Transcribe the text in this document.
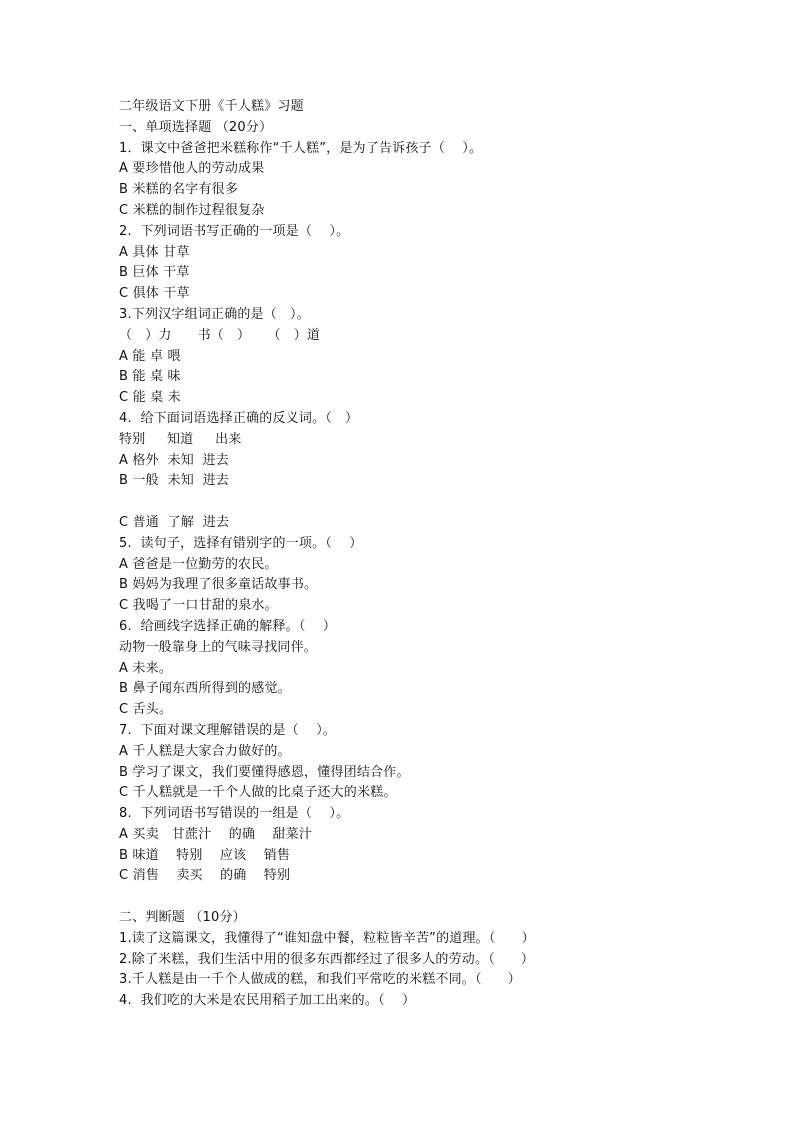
二年级语文下册《千人糕》习题
一、单项选择题 （20分）
1．课文中爸爸把米糕称作“千人糕”，是为了告诉孩子（    ）。
A 要珍惜他人的劳动成果
B 米糕的名字有很多
C 米糕的制作过程很复杂
2.  下列词语书写正确的一项是（    ）。
A 具体 甘草
B 巨体 干草
C 俱体 干草
3.下列汉字组词正确的是（   ）。
（   ）力      书（   ）    （   ）道
A 能 卓 喂
B 能 桌 味
C 能 桌 未
4.  给下面词语选择正确的反义词。（   ）
特别     知道     出来
A 格外  未知  进去
B 一般  未知  进去
C 普通  了解  进去
5.  读句子，选择有错别字的一项。（    ）
A 爸爸是一位勤劳的农民。
B 妈妈为我理了很多童话故事书。
C 我喝了一口甘甜的泉水。
6.  给画线字选择正确的解释。（    ）
动物一般靠身上的气味寻找同伴。
A 未来。
B 鼻子闻东西所得到的感觉。
C 舌头。
7.  下面对课文理解错误的是（    ）。
A 千人糕是大家合力做好的。
B 学习了课文，我们要懂得感恩，懂得团结合作。
C 千人糕就是一千个人做的比桌子还大的米糕。
8.  下列词语书写错误的一组是（    ）。
A 买卖   甘蔗汁    的确    甜菜汁
B 味道    特别    应该    销售
C 消售    卖买    的确    特别
二、判断题 （10分）
1.读了这篇课文，我懂得了“谁知盘中餐，粒粒皆辛苦”的道理。（      ）
2.除了米糕，我们生活中用的很多东西都经过了很多人的劳动。（      ）
3.千人糕是由一千个人做成的糕，和我们平常吃的米糕不同。（      ）
4.  我们吃的大米是农民用稻子加工出来的。（    ）
